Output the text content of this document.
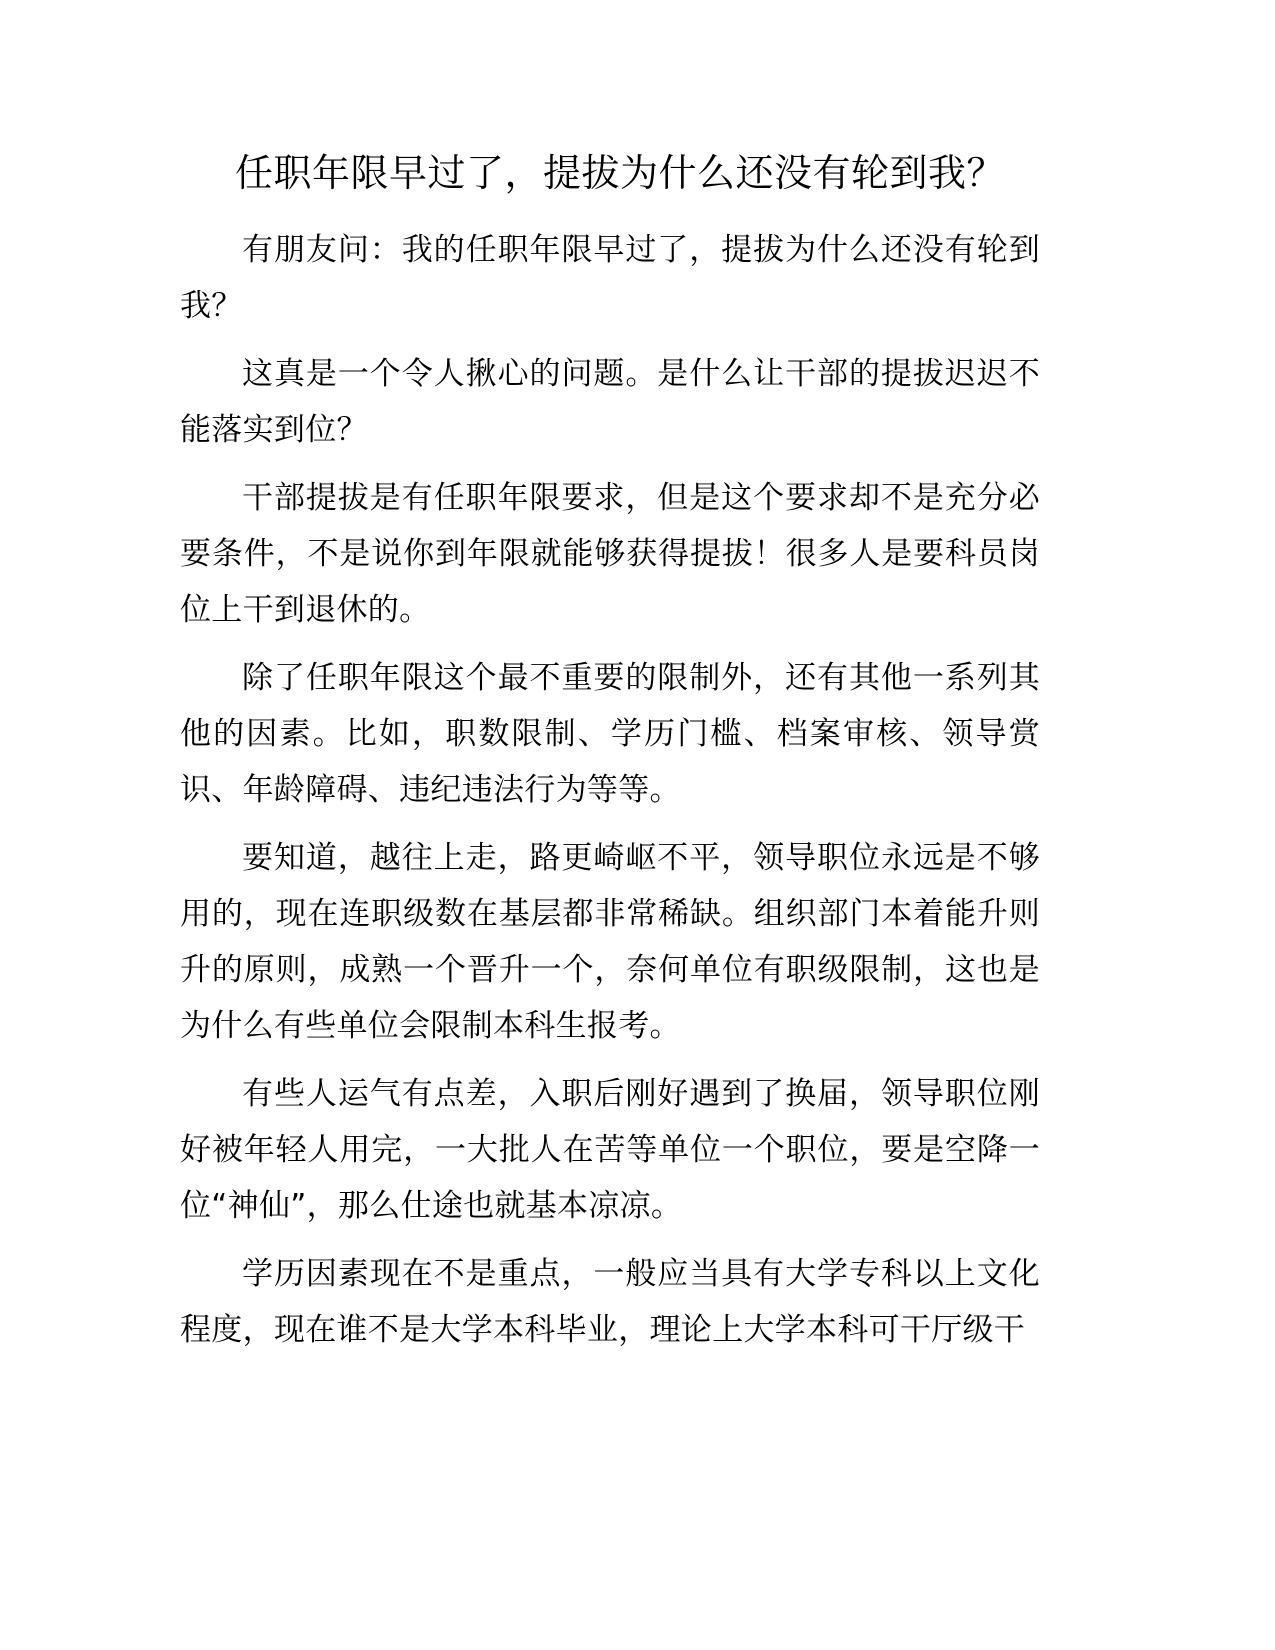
任职年限早过了，提拔为什么还没有轮到我？

有朋友问：我的任职年限早过了，提拔为什么还没有轮到我？

这真是一个令人揪心的问题。是什么让干部的提拔迟迟不能落实到位？

干部提拔是有任职年限要求，但是这个要求却不是充分必要条件，不是说你到年限就能够获得提拔！很多人是要科员岗位上干到退休的。

除了任职年限这个最不重要的限制外，还有其他一系列其他的因素。比如，职数限制、学历门槛、档案审核、领导赏识、年龄障碍、违纪违法行为等等。

要知道，越往上走，路更崎岖不平，领导职位永远是不够用的，现在连职级数在基层都非常稀缺。组织部门本着能升则升的原则，成熟一个晋升一个，奈何单位有职级限制，这也是为什么有些单位会限制本科生报考。

有些人运气有点差，入职后刚好遇到了换届，领导职位刚好被年轻人用完，一大批人在苦等单位一个职位，要是空降一位“神仙”，那么仕途也就基本凉凉。

学历因素现在不是重点，一般应当具有大学专科以上文化程度，现在谁不是大学本科毕业，理论上大学本科可干厅级干
